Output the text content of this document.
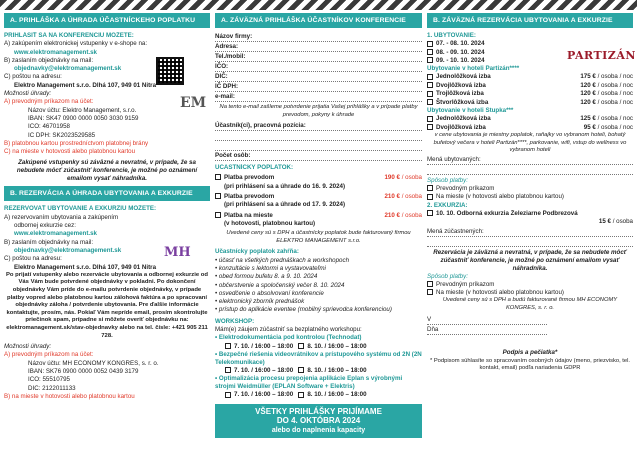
A. PRIHLÁŠKA A ÚHRADA ÚČASTNÍCKEHO POPLATKU
PRIHLÁSIŤ SA NA KONFERENCIU MÔŽETE:
A) zakúpením elektronickej vstupenky v e-shope na:
www.elektromanagement.sk
B) zaslaním objednávky na mail:
objednavky@elektromanagement.sk
C) poštou na adresu:
Elektro Management s.r.o. Dlhá 107, 949 01 Nitra
Možnosti úhrady:
A) prevodným príkazom na účet:
Názov účtu: Elektro Management, s.r.o.
IBAN: SK47 0900 0000 0050 3030 9159
IČO: 46701958
IČ DPH: SK2023529585
EM
B) platobnou kartou prostredníctvom platobnej brány
C) na mieste v hotovosti alebo platobnou kartou
Zakúpené vstupenky sú záväzné a nevratné, v prípade, že sa nebudete môcť zúčastniť konferencie, je možné po oznámení emailom vysať náhradníka.
B. REZERVÁCIA A ÚHRADA UBYTOVANIA A EXKURZIE
REZERVOVAŤ UBYTOVANIE A EXKURZIU MÔŽETE:
A) rezervovaním ubytovania a zakúpením
odbornej exkurzie cez:
www.elektromanagement.sk
B) zaslaním objednávky na mail:
objednavky@elektromanagement.sk
C) poštou na adresu:
Elektro Management s.r.o. Dlhá 107, 949 01 Nitra
MH
Po prijatí vstupenky alebo rezervácie ubytovania a odbornej exkurzie od Vás Vám bude potvrdené objednávky v pokladni. Po dokončení objednávky Vám príde do e-mailu potvrdenie objednávky, v prípade platby vopred alebo platobnou kartou zálohová faktúra a po spracovaní objednávky záloha / potvrdenie ubytovania. Pre ďalšie informácie kontaktujte, prosím, nás. Pokiaľ Vám nepríde email, prosím skontrolujte priečinok spam, prípadne si môžete overiť objednávku na: elektromanagement.sk/stav-objednavky alebo na tel. čísle: +421 905 211 728.
Možnosti úhrady:
A) prevodným príkazom na účet:
Názov účtu: MH ECONOMY KONGRES, s. r. o.
IBAN: SK76 0900 0000 0052 0439 3179
IČO: 55510795
DIČ: 2122011133
B) na mieste v hotovosti alebo platobnou kartou
A. ZÁVÄZNÁ PRIHLÁŠKA ÚČASTNÍKOV KONFERENCIE
Názov firmy:
Adresa:
Tel./mobil:
IČO:
DIČ:
IČ DPH:
e-mail:
Na tento e-mail zašleme potvrdenie prijatia Vašej prihlášky a v prípade platby prevodom, pokyny k úhrade
Účastník(ci), pracovná pozícia:
Počet osôb:
ÚČASTNÍCKY POPLATOK:
Platba prevodom	190 € / osoba
(pri prihlásení sa a úhrade do 16. 9. 2024)
Platba prevodom	210 € / osoba
(pri prihlásení sa a úhrade od 17. 9. 2024)
Platba na mieste	210 € / osoba
(v hotovosti, platobnou kartou)
Uvedené ceny sú s DPH a účastnícky poplatok bude fakturovaný firmou ELEKTRO MANAGEMENT s.r.o.
Účastnícky poplatok zahŕňa:
• účasť na všetkých prednáškach a workshopoch
• konzultácie s lektormi a vystavovateľmi
• obed formou bufetu 8. a 9. 10. 2024
• občerstvenie a spoločenský večer 8. 10. 2024
• osvedčenie o absolvovaní konferencie
• elektronický zborník prednášok
• prístup do aplikácie eventee (mobilný sprievodca konferenciou)
WORKSHOP:
Mám(e) záujem zúčastniť sa bezplatného workshopu:
• Elektrodokumentácia pod kontrolou (Technodat)
7. 10. / 16:00 – 18:00 8. 10. / 16:00 – 18:00
• Bezpečné riešenia videovrátnikov a prístupového systému od 2N (2N Telekomunikace)
7. 10. / 16:00 – 18:00 8. 10. / 16:00 – 18:00
• Optimalizácia procesu prepojenia aplikácie Eplan s výrobnými strojmi Weidmüller (EPLAN Software + Elektris)
7. 10. / 16:00 – 18:00 8. 10. / 16:00 – 18:00
VŠETKY PRIHLÁŠKY PRIJÍMAME
DO 4. OKTÓBRA 2024
alebo do naplnenia kapacity
B. ZÁVÄZNÁ REZERVÁCIA UBYTOVANIA A EXKURZIE
1. UBYTOVANIE:
07. - 08. 10. 2024
08. - 09. 10. 2024
09. - 10. 10. 2024	PARTIZÁN
Ubytovanie v hoteli Partizán****
Jednolôžková izba	175 € / osoba / noc
Dvojlôžková izba	120 € / osoba / noc
Trojlôžková izba	120 € / osoba / noc
Štvorlôžková izba	120 € / osoba / noc
Ubytovanie v hoteli Stupka***
Jednolôžková izba	125 € / osoba / noc
Dvojlôžková izba	95 € / osoba / noc
v cene ubytovania je miestny poplatok, raňajky vo vybranom hoteli, bohatý bufetový večera v hoteli Partizán****, parkovanie, wifi, vstup do wellness vo vybranom hoteli
Mená ubytovaných:
Spôsob platby:
Prevodným príkazom
Na mieste (v hotovosti alebo platobnou kartou)
2. EXKURZIA:
10. 10. Odborná exkurzia Železiarne Podbrezová
15 € / osoba
Mená zúčastnených:
Rezervácia je záväzná a nevratná, v prípade, že sa nebudete môcť zúčastniť konferencie, je možné po oznámení emailom vysať náhradníka.
Spôsob platby:
Prevodným príkazom
Na mieste (v hotovosti alebo platobnou kartou)
Uvedené ceny sú s DPH a budú fakturované firmou MH ECONOMY KONGRES, s. r. o.
V
Dňa
Podpis a pečiatka*
* Podpisom súhlasíte so spracovaním osobných údajov (meno, priezvisko, tel. kontakt, email) podľa nariadenia GDPR
